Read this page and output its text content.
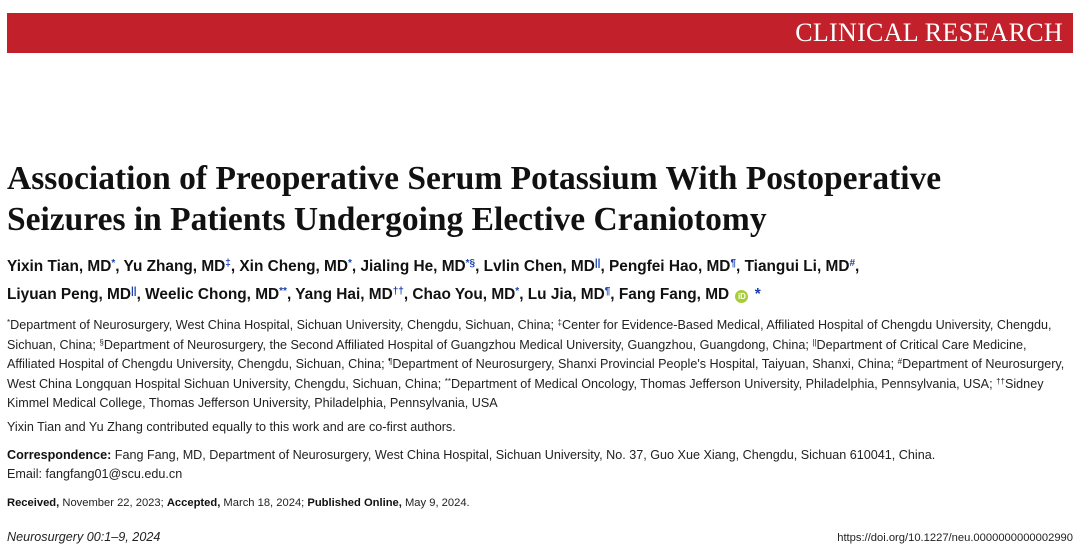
CLINICAL RESEARCH
Association of Preoperative Serum Potassium With Postoperative Seizures in Patients Undergoing Elective Craniotomy
Yixin Tian, MD*, Yu Zhang, MD‡, Xin Cheng, MD*, Jialing He, MD*§, Lvlin Chen, MD||, Pengfei Hao, MD¶, Tiangui Li, MD#,
Liyuan Peng, MD||, Weelic Chong, MD**, Yang Hai, MD††, Chao You, MD*, Lu Jia, MD¶, Fang Fang, MD iD *
*Department of Neurosurgery, West China Hospital, Sichuan University, Chengdu, Sichuan, China; ‡Center for Evidence-Based Medical, Affiliated Hospital of Chengdu University, Chengdu, Sichuan, China; §Department of Neurosurgery, the Second Affiliated Hospital of Guangzhou Medical University, Guangzhou, Guangdong, China; ||Department of Critical Care Medicine, Affiliated Hospital of Chengdu University, Chengdu, Sichuan, China; ¶Department of Neurosurgery, Shanxi Provincial People's Hospital, Taiyuan, Shanxi, China; #Department of Neurosurgery, West China Longquan Hospital Sichuan University, Chengdu, Sichuan, China; **Department of Medical Oncology, Thomas Jefferson University, Philadelphia, Pennsylvania, USA; ††Sidney Kimmel Medical College, Thomas Jefferson University, Philadelphia, Pennsylvania, USA
Yixin Tian and Yu Zhang contributed equally to this work and are co-first authors.
Correspondence: Fang Fang, MD, Department of Neurosurgery, West China Hospital, Sichuan University, No. 37, Guo Xue Xiang, Chengdu, Sichuan 610041, China.
Email: fangfang01@scu.edu.cn
Received, November 22, 2023; Accepted, March 18, 2024; Published Online, May 9, 2024.
Neurosurgery 00:1–9, 2024	https://doi.org/10.1227/neu.0000000000002990
